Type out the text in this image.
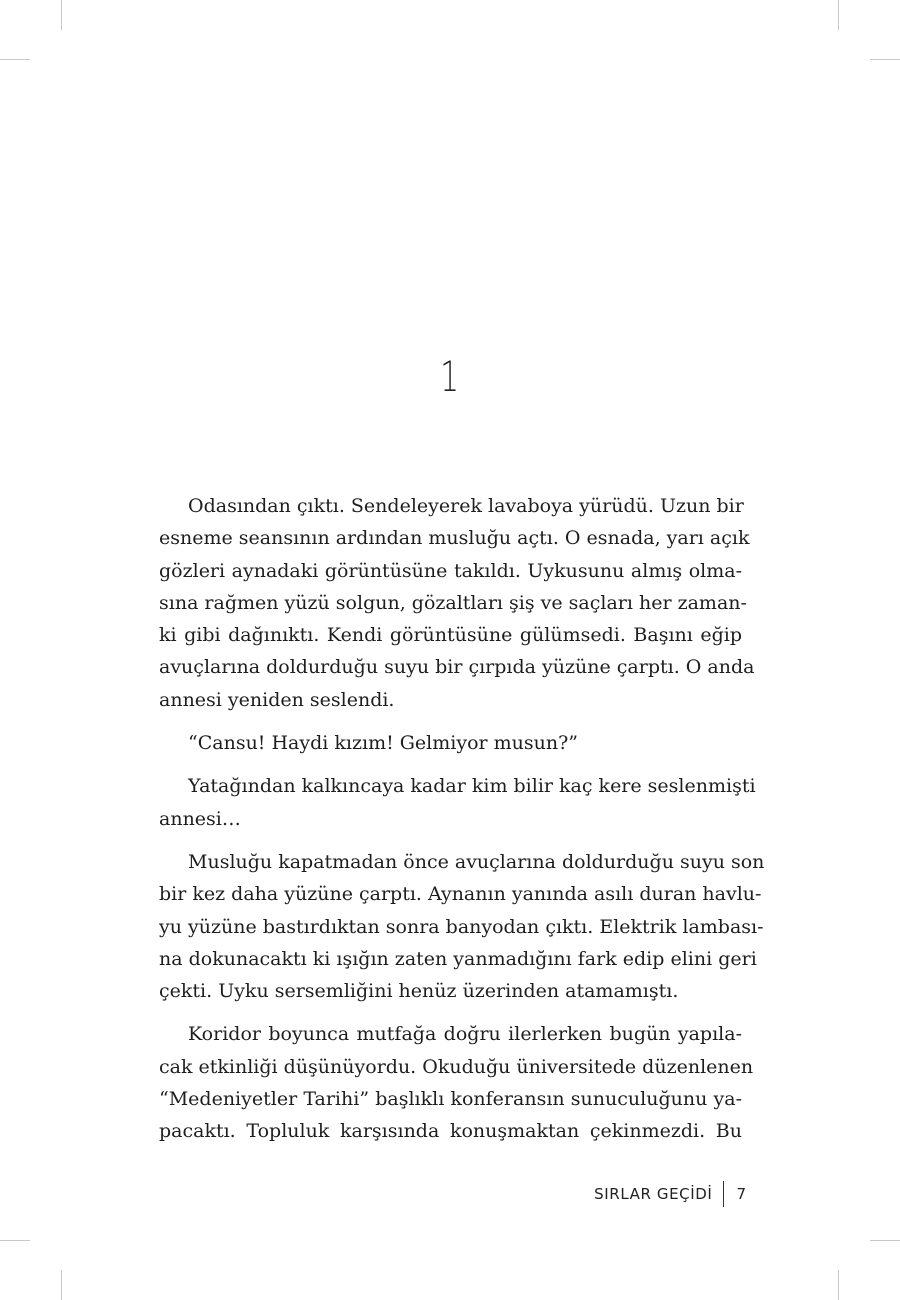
1
Odasından çıktı. Sendeleyerek lavaboya yürüdü. Uzun bir
esneme seansının ardından musluğu açtı. O esnada, yarı açık
gözleri aynadaki görüntüsüne takıldı. Uykusunu almış olma-
sına rağmen yüzü solgun, gözaltları şiş ve saçları her zaman-
ki gibi dağınıktı. Kendi görüntüsüne gülümsedi. Başını eğip
avuçlarına doldurduğu suyu bir çırpıda yüzüne çarptı. O anda
annesi yeniden seslendi.
“Cansu! Haydi kızım! Gelmiyor musun?”
Yatağından kalkıncaya kadar kim bilir kaç kere seslenmişti
annesi…
Musluğu kapatmadan önce avuçlarına doldurduğu suyu son
bir kez daha yüzüne çarptı. Aynanın yanında asılı duran havlu-
yu yüzüne bastırdıktan sonra banyodan çıktı. Elektrik lambası-
na dokunacaktı ki ışığın zaten yanmadığını fark edip elini geri
çekti. Uyku sersemliğini henüz üzerinden atamamıştı.
Koridor boyunca mutfağa doğru ilerlerken bugün yapıla-
cak etkinliği düşünüyordu. Okuduğu üniversitede düzenlenen
“Medeniyetler Tarihi” başlıklı konferansın sunuculuğunu ya-
pacaktı. Topluluk karşısında konuşmaktan çekinmezdi. Bu
SIRLAR GEÇİDİ 7
